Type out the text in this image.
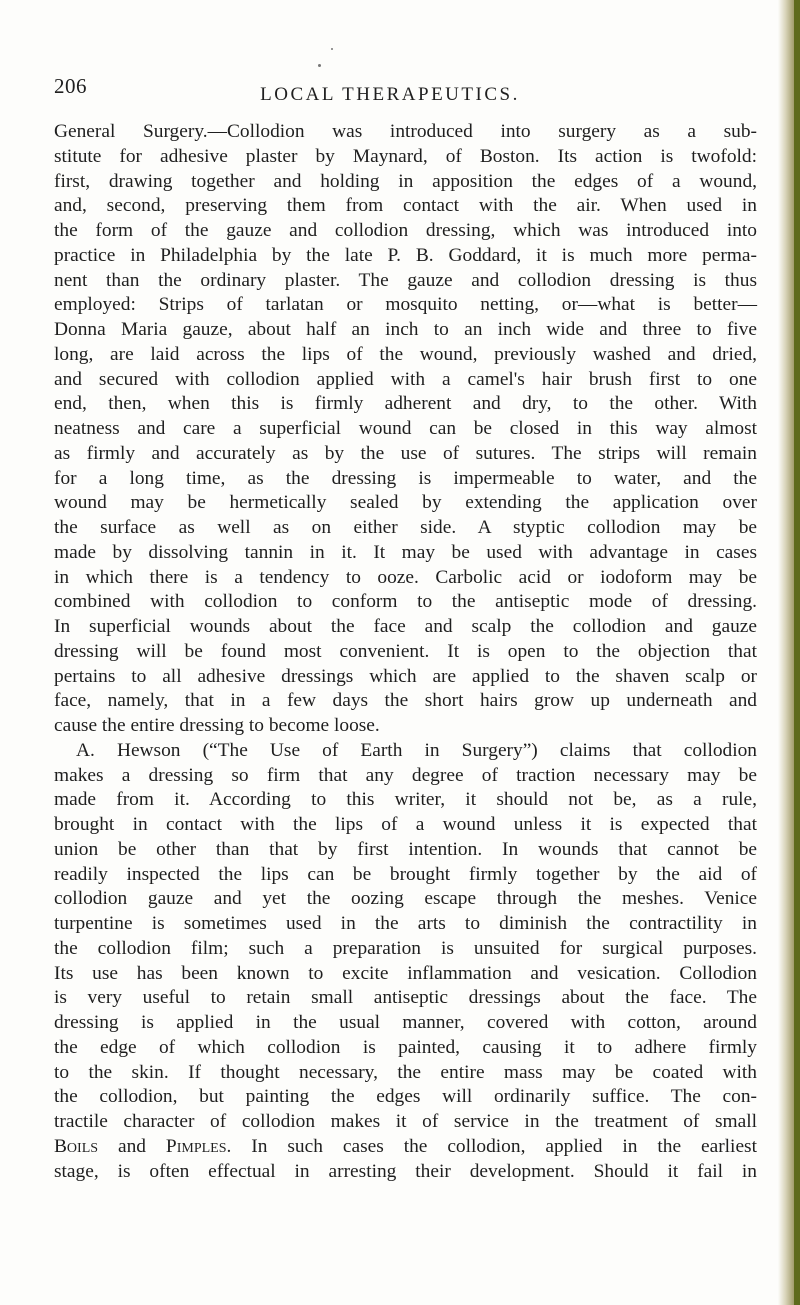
206	LOCAL THERAPEUTICS.
General Surgery.—Collodion was introduced into surgery as a sub-
stitute for adhesive plaster by Maynard, of Boston. Its action is twofold:
first, drawing together and holding in apposition the edges of a wound,
and, second, preserving them from contact with the air. When used in
the form of the gauze and collodion dressing, which was introduced into
practice in Philadelphia by the late P. B. Goddard, it is much more perma-
nent than the ordinary plaster. The gauze and collodion dressing is thus
employed: Strips of tarlatan or mosquito netting, or—what is better—
Donna Maria gauze, about half an inch to an inch wide and three to five
long, are laid across the lips of the wound, previously washed and dried,
and secured with collodion applied with a camel's hair brush first to one
end, then, when this is firmly adherent and dry, to the other. With
neatness and care a superficial wound can be closed in this way almost
as firmly and accurately as by the use of sutures. The strips will remain
for a long time, as the dressing is impermeable to water, and the
wound may be hermetically sealed by extending the application over
the surface as well as on either side. A styptic collodion may be
made by dissolving tannin in it. It may be used with advantage in cases
in which there is a tendency to ooze. Carbolic acid or iodoform may be
combined with collodion to conform to the antiseptic mode of dressing.
In superficial wounds about the face and scalp the collodion and gauze
dressing will be found most convenient. It is open to the objection that
pertains to all adhesive dressings which are applied to the shaven scalp or
face, namely, that in a few days the short hairs grow up underneath and
cause the entire dressing to become loose.
A. Hewson (“The Use of Earth in Surgery”) claims that collodion
makes a dressing so firm that any degree of traction necessary may be
made from it. According to this writer, it should not be, as a rule,
brought in contact with the lips of a wound unless it is expected that
union be other than that by first intention. In wounds that cannot be
readily inspected the lips can be brought firmly together by the aid of
collodion gauze and yet the oozing escape through the meshes. Venice
turpentine is sometimes used in the arts to diminish the contractility in
the collodion film; such a preparation is unsuited for surgical purposes.
Its use has been known to excite inflammation and vesication. Collodion
is very useful to retain small antiseptic dressings about the face. The
dressing is applied in the usual manner, covered with cotton, around
the edge of which collodion is painted, causing it to adhere firmly
to the skin. If thought necessary, the entire mass may be coated with
the collodion, but painting the edges will ordinarily suffice. The con-
tractile character of collodion makes it of service in the treatment of small
Boils and Pimples. In such cases the collodion, applied in the earliest
stage, is often effectual in arresting their development. Should it fail in
